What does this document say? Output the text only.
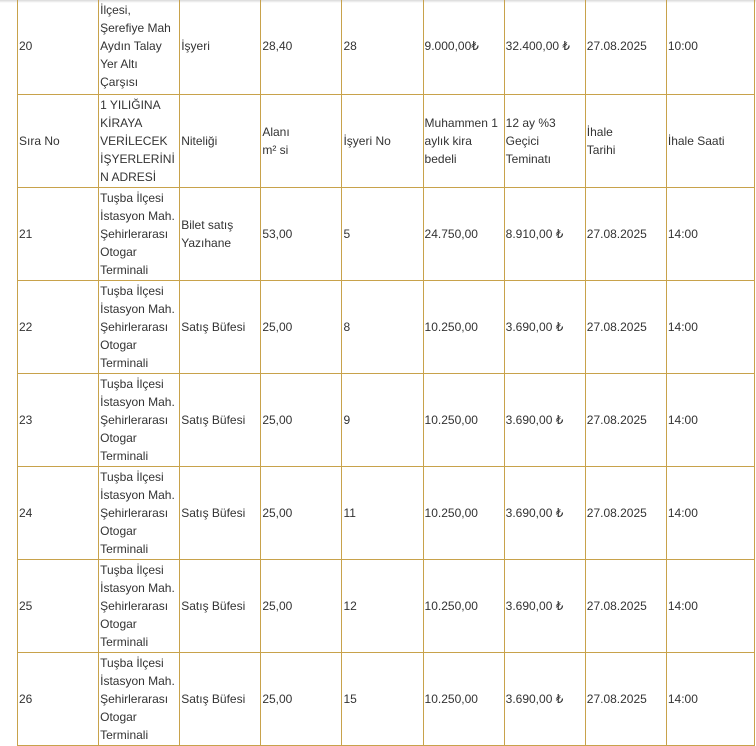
20	İlçesi,
Şerefiye Mah
Aydın Talay
Yer Altı
Çarşısı	İşyeri	28,40	28	9.000,00₺	32.400,00 ₺	27.08.2025	10:00
Sıra No	1 YILIĞINA
KİRAYA
VERİLECEK
İŞYERLERİNİ
N ADRESİ	Niteliği	Alanı
m² si	İşyeri No	Muhammen 1
aylık kira
bedeli	12 ay %3
Geçici
Teminatı	İhale
Tarihi	İhale Saati
21	Tuşba İlçesi
İstasyon Mah.
Şehirlerarası
Otogar
Terminali	Bilet satış
Yazıhane	53,00	5	24.750,00	8.910,00 ₺	27.08.2025	14:00
22	Tuşba İlçesi
İstasyon Mah.
Şehirlerarası
Otogar
Terminali	Satış Büfesi	25,00	8	10.250,00	3.690,00 ₺	27.08.2025	14:00
23	Tuşba İlçesi
İstasyon Mah.
Şehirlerarası
Otogar
Terminali	Satış Büfesi	25,00	9	10.250,00	3.690,00 ₺	27.08.2025	14:00
24	Tuşba İlçesi
İstasyon Mah.
Şehirlerarası
Otogar
Terminali	Satış Büfesi	25,00	11	10.250,00	3.690,00 ₺	27.08.2025	14:00
25	Tuşba İlçesi
İstasyon Mah.
Şehirlerarası
Otogar
Terminali	Satış Büfesi	25,00	12	10.250,00	3.690,00 ₺	27.08.2025	14:00
26	Tuşba İlçesi
İstasyon Mah.
Şehirlerarası
Otogar
Terminali	Satış Büfesi	25,00	15	10.250,00	3.690,00 ₺	27.08.2025	14:00
